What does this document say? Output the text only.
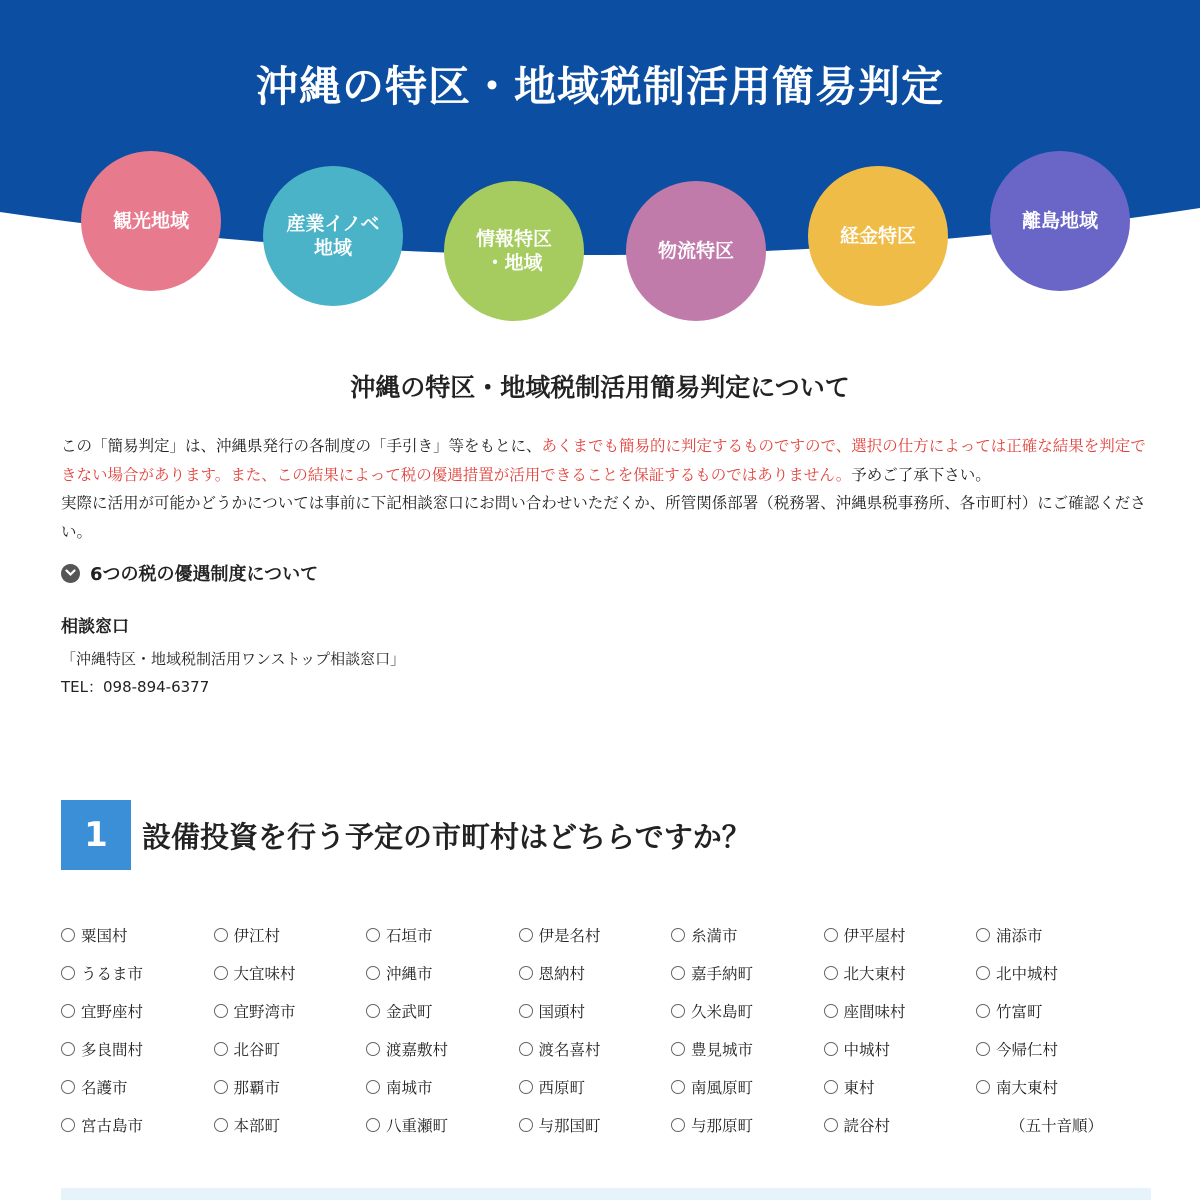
沖縄の特区・地域税制活用簡易判定
観光地域	産業イノベ
地域	情報特区
・地域
物流特区
経金特区
離島地域
沖縄の特区・地域税制活用簡易判定について

この「簡易判定」は、沖縄県発行の各制度の「手引き」等をもとに、あくまでも簡易的に判定するものですので、選択の仕方によっては正確な結果を判定できない場合があります。また、この結果によって税の優遇措置が活用できることを保証するものではありません。予めご了承下さい。

実際に活用が可能かどうかについては事前に下記相談窓口にお問い合わせいただくか、所管関係部署（税務署、沖縄県税事務所、各市町村）にご確認ください。

6つの税の優遇制度について
相談窓口
「沖縄特区・地域税制活用ワンストップ相談窓口」
TEL：098-894-6377
1	設備投資を行う予定の市町村はどちらですか？
粟国村	伊江村	石垣市	伊是名村	糸満市	伊平屋村	浦添市
うるま市	大宜味村	沖縄市	恩納村	嘉手納町	北大東村	北中城村
宜野座村	宜野湾市	金武町	国頭村	久米島町	座間味村	竹富町
多良間村	北谷町	渡嘉敷村	渡名喜村	豊見城市	中城村	今帰仁村
名護市	那覇市	南城市	西原町	南風原町	東村	南大東村
宮古島市	本部町	八重瀬町	与那国町	与那原町	読谷村	（五十音順）
